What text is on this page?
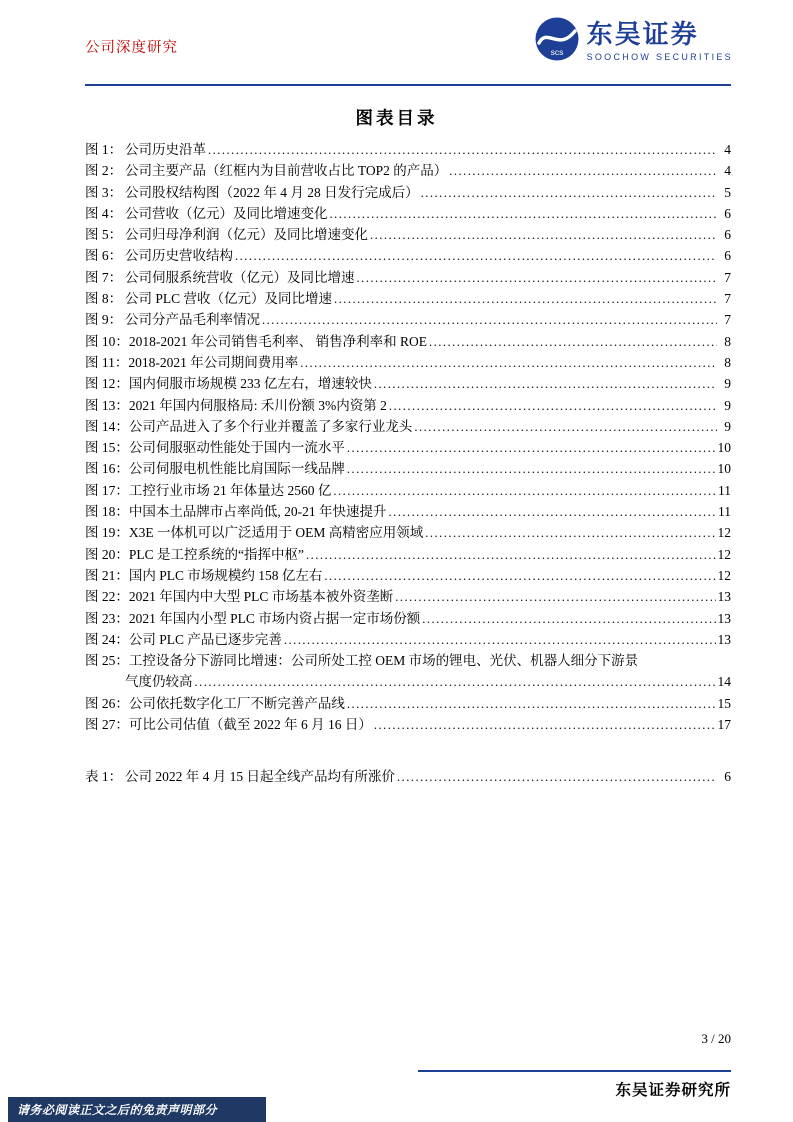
公司深度研究	scs
东吴证券
SOOCHOW SECURITIES
图表目录
图 1： 公司历史沿革 .....	4
图 2： 公司主要产品（红框内为目前营收占比 TOP2 的产品） .....	4
图 3： 公司股权结构图（2022 年 4 月 28 日发行完成后） .....	5
图 4： 公司营收（亿元）及同比增速变化 .....	6
图 5： 公司归母净利润（亿元）及同比增速变化 .....	6
图 6： 公司历史营收结构 .....	6
图 7： 公司伺服系统营收（亿元）及同比增速 .....	7
图 8： 公司 PLC 营收（亿元）及同比增速 .....	7
图 9： 公司分产品毛利率情况 .....	7
图 10： 2018-2021 年公司销售毛利率、 销售净利率和 ROE .....	8
图 11： 2018-2021 年公司期间费用率 .....	8
图 12： 国内伺服市场规模 233 亿左右，增速较快 .....	9
图 13： 2021 年国内伺服格局: 禾川份额 3%内资第 2 .....	9
图 14： 公司产品进入了多个行业并覆盖了多家行业龙头 .....	9
图 15： 公司伺服驱动性能处于国内一流水平 .....	10
图 16： 公司伺服电机性能比肩国际一线品牌 .....	10
图 17： 工控行业市场 21 年体量达 2560 亿 .....	11
图 18： 中国本土品牌市占率尚低, 20-21 年快速提升 .....	11
图 19： X3E 一体机可以广泛适用于 OEM 高精密应用领域 .....	12
图 20： PLC 是工控系统的“指挥中枢” .....	12
图 21： 国内 PLC 市场规模约 158 亿左右 .....	12
图 22： 2021 年国内中大型 PLC 市场基本被外资垄断 .....	13
图 23： 2021 年国内小型 PLC 市场内资占据一定市场份额 .....	13
图 24： 公司 PLC 产品已逐步完善 .....	13
图 25： 工控设备分下游同比增速：公司所处工控 OEM 市场的锂电、光伏、机器人细分下游景
气度仍较高 .....	14
图 26： 公司依托数字化工厂不断完善产品线 .....	15
图 27： 可比公司估值（截至 2022 年 6 月 16 日） .....	17
表 1： 公司 2022 年 4 月 15 日起全线产品均有所涨价 .....	6
3 / 20
东吴证券研究所
请务必阅读正文之后的免责声明部分
